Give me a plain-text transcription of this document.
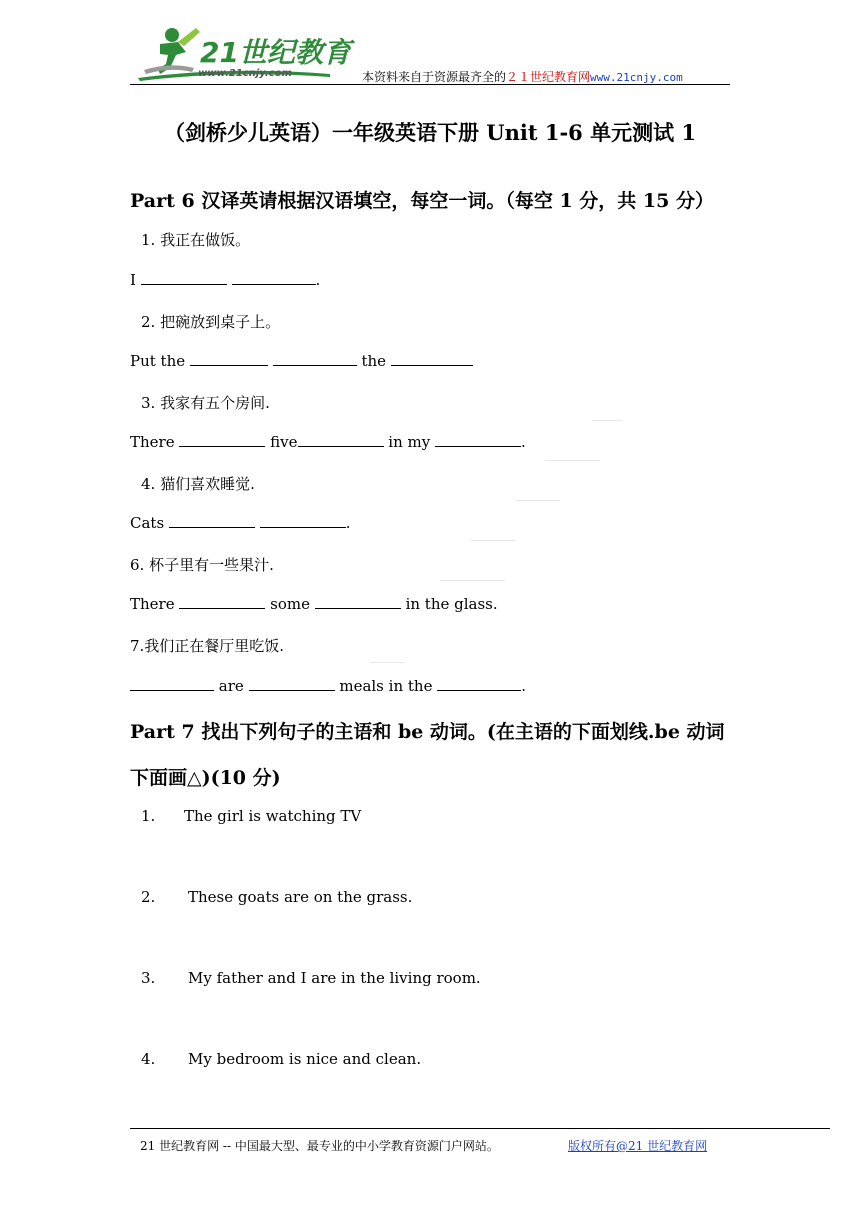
21世纪教育
www.21cnjy.com	本资料来自于资源最齐全的２１世纪教育网www.21cnjy.com
（剑桥少儿英语）一年级英语下册 Unit 1-6 单元测试 1
Part 6 汉译英请根据汉语填空，每空一词。（每空 1 分，共 15 分）
1. 我正在做饭。
I	.
2. 把碗放到桌子上。
Put the	the
3. 我家有五个房间.
There	five	in my	.
4. 猫们喜欢睡觉.
Cats	.
6. 杯子里有一些果汁.
There	some	in the glass.
7.我们正在餐厅里吃饭.
are	meals in the	.
Part 7 找出下列句子的主语和 be 动词。(在主语的下面划线.be 动词
下面画△)(10 分)
1. The girl is watching TV
2. These goats are on the grass.
3. My father and I are in the living room.
4. My bedroom is nice and clean.
21 世纪教育网 -- 中国最大型、最专业的中小学教育资源门户网站。	版权所有@21 世纪教育网
